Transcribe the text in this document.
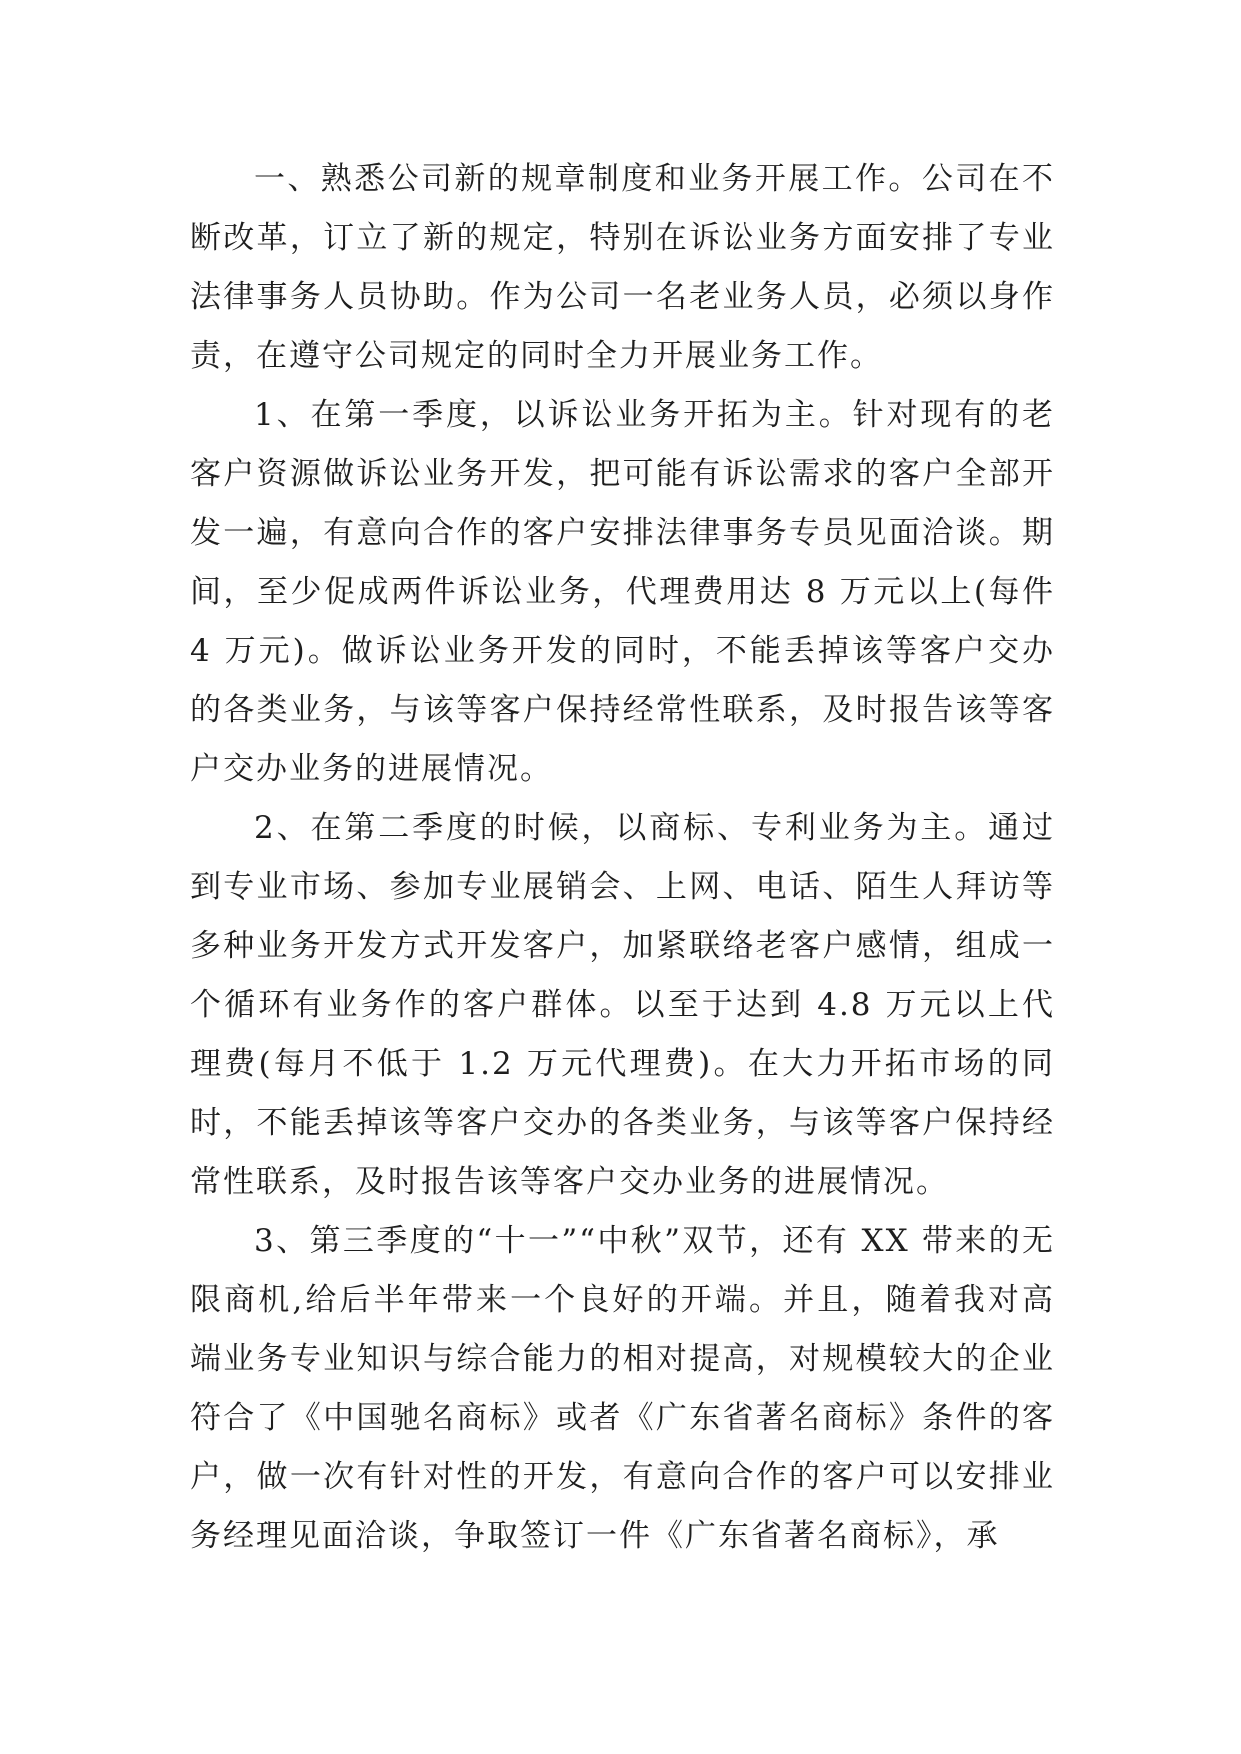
一、熟悉公司新的规章制度和业务开展工作。公司在不断改革，订立了新的规定，特别在诉讼业务方面安排了专业法律事务人员协助。作为公司一名老业务人员，必须以身作责，在遵守公司规定的同时全力开展业务工作。

1、在第一季度，以诉讼业务开拓为主。针对现有的老客户资源做诉讼业务开发，把可能有诉讼需求的客户全部开发一遍，有意向合作的客户安排法律事务专员见面洽谈。期间，至少促成两件诉讼业务，代理费用达 8 万元以上(每件 4 万元)。做诉讼业务开发的同时，不能丢掉该等客户交办的各类业务，与该等客户保持经常性联系，及时报告该等客户交办业务的进展情况。

2、在第二季度的时候，以商标、专利业务为主。通过到专业市场、参加专业展销会、上网、电话、陌生人拜访等多种业务开发方式开发客户，加紧联络老客户感情，组成一个循环有业务作的客户群体。以至于达到 4.8 万元以上代理费(每月不低于 1.2 万元代理费)。在大力开拓市场的同时，不能丢掉该等客户交办的各类业务，与该等客户保持经常性联系，及时报告该等客户交办业务的进展情况。

3、第三季度的“十一”“中秋”双节，还有 XX 带来的无限商机,给后半年带来一个良好的开端。并且，随着我对高端业务专业知识与综合能力的相对提高，对规模较大的企业符合了《中国驰名商标》或者《广东省著名商标》条件的客户，做一次有针对性的开发，有意向合作的客户可以安排业务经理见面洽谈，争取签订一件《广东省著名商标》，承
